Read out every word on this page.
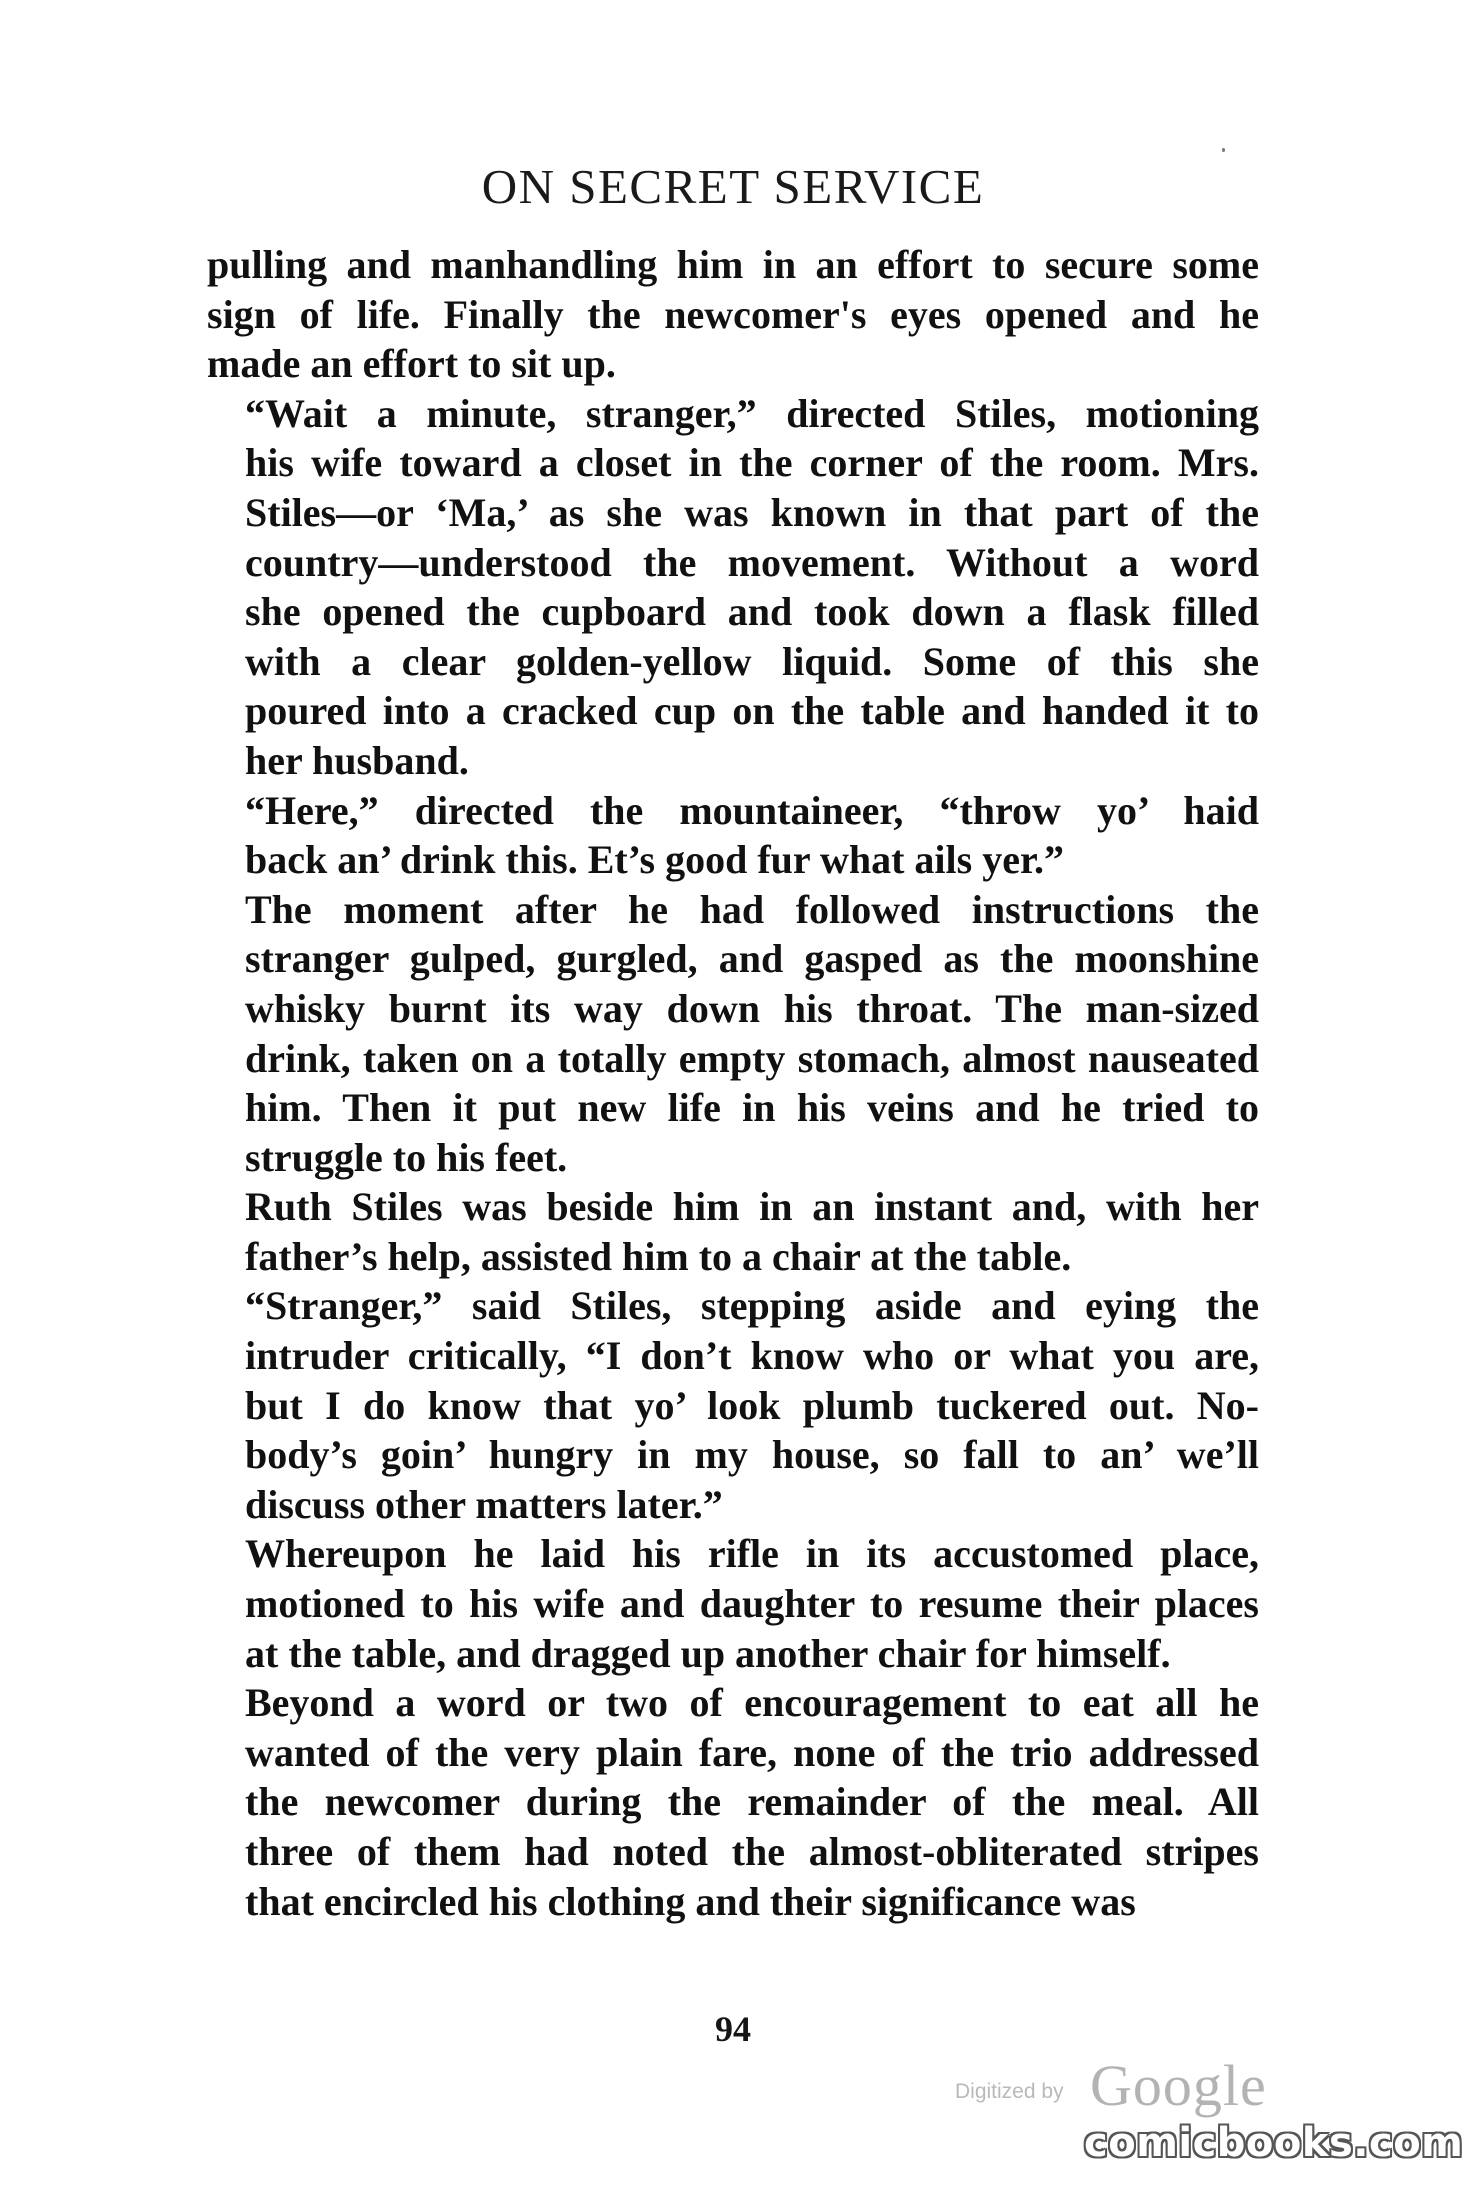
ON SECRET SERVICE

pulling and manhandling him in an effort to secure some
sign of life. Finally the newcomer's eyes opened and he
made an effort to sit up.

“Wait a minute, stranger,” directed Stiles, motioning
his wife toward a closet in the corner of the room. Mrs.
Stiles—or ‘Ma,’ as she was known in that part of the
country—understood the movement. Without a word
she opened the cupboard and took down a flask filled
with a clear golden-yellow liquid. Some of this she
poured into a cracked cup on the table and handed it to
her husband.

“Here,” directed the mountaineer, “throw yo’ haid
back an’ drink this. Et’s good fur what ails yer.”

The moment after he had followed instructions the
stranger gulped, gurgled, and gasped as the moonshine
whisky burnt its way down his throat. The man-sized
drink, taken on a totally empty stomach, almost nauseated
him. Then it put new life in his veins and he tried to
struggle to his feet.

Ruth Stiles was beside him in an instant and, with her
father’s help, assisted him to a chair at the table.

“Stranger,” said Stiles, stepping aside and eying the
intruder critically, “I don’t know who or what you are,
but I do know that yo’ look plumb tuckered out. No-
body’s goin’ hungry in my house, so fall to an’ we’ll
discuss other matters later.”

Whereupon he laid his rifle in its accustomed place,
motioned to his wife and daughter to resume their places
at the table, and dragged up another chair for himself.

Beyond a word or two of encouragement to eat all he
wanted of the very plain fare, none of the trio addressed
the newcomer during the remainder of the meal. All
three of them had noted the almost-obliterated stripes
that encircled his clothing and their significance was

94
Digitized by Google
comicbooks.com
